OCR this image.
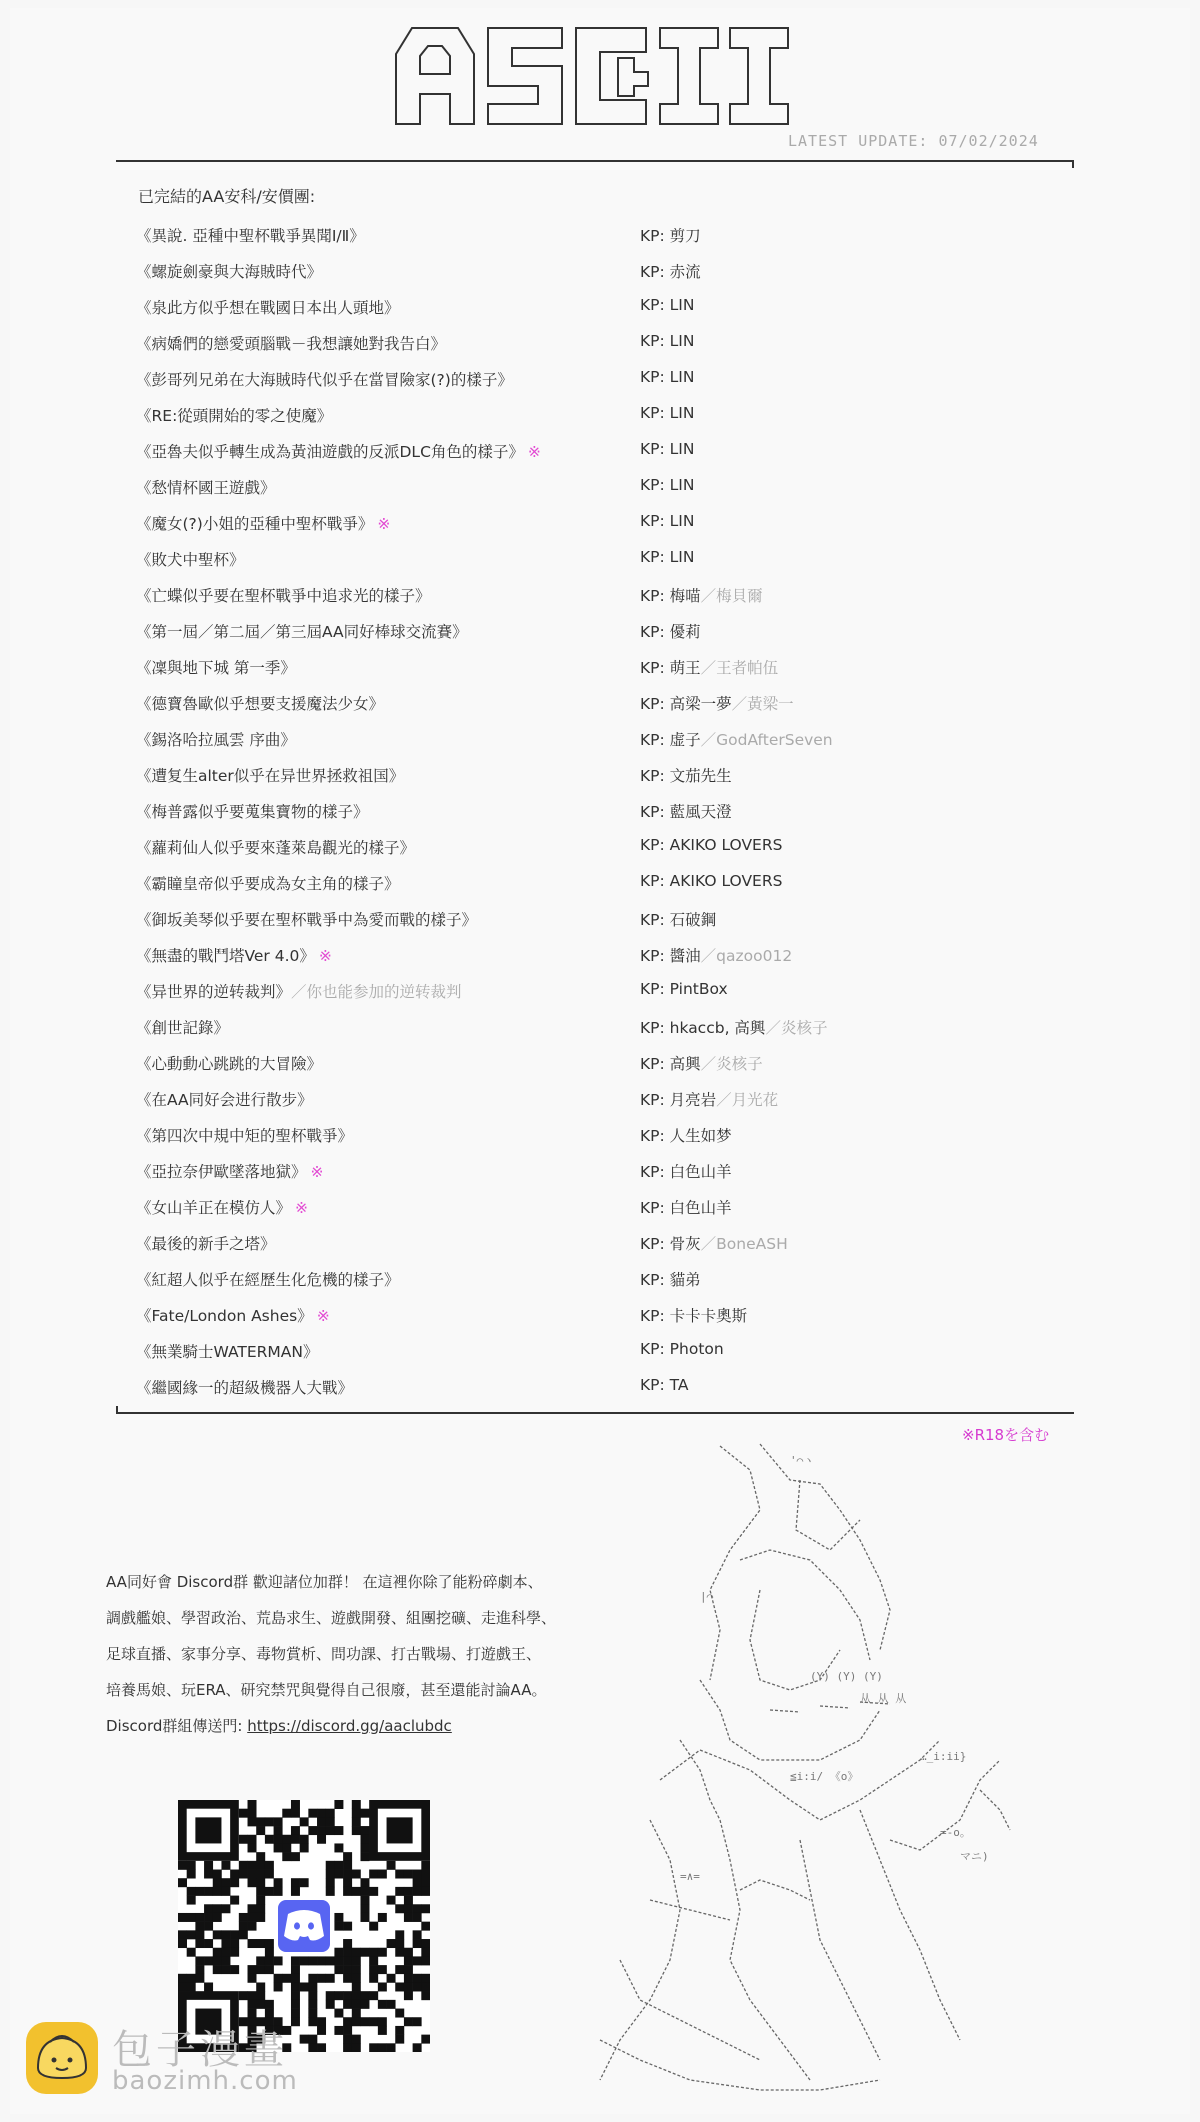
LATEST UPDATE: 07/02/2024
已完結的AA安科/安價團:
《異說. 亞種中聖杯戰爭異聞Ⅰ/Ⅱ》	KP: 剪刀
《螺旋劍豪與大海賊時代》	KP: 赤流
《泉此方似乎想在戰國日本出人頭地》	KP: LIN
《病嬌們的戀愛頭腦戰－我想讓她對我告白》	KP: LIN
《彭哥列兄弟在大海賊時代似乎在當冒險家(?)的樣子》	KP: LIN
《RE:從頭開始的零之使魔》	KP: LIN
《亞魯夫似乎轉生成為黃油遊戲的反派DLC角色的樣子》 ※	KP: LIN
《愁情杯國王遊戲》	KP: LIN
《魔女(?)小姐的亞種中聖杯戰爭》 ※	KP: LIN
《敗犬中聖杯》	KP: LIN
《亡蝶似乎要在聖杯戰爭中追求光的樣子》	KP: 梅喵／梅貝爾
《第一屆／第二屆／第三屆AA同好棒球交流賽》	KP: 優莉
《凜與地下城 第一季》	KP: 萌王／王者帕伍
《德寶魯歐似乎想要支援魔法少女》	KP: 高梁一夢／黃梁一
《錫洛哈拉風雲 序曲》	KP: 虚子／GodAfterSeven
《遭复生alter似乎在异世界拯救祖国》	KP: 文茄先生
《梅普露似乎要蒐集寶物的樣子》	KP: 藍風天澄
《蘿莉仙人似乎要來蓬萊島觀光的樣子》	KP: AKIKO LOVERS
《霸瞳皇帝似乎要成為女主角的樣子》	KP: AKIKO LOVERS
《御坂美琴似乎要在聖杯戰爭中為愛而戰的樣子》	KP: 石破鋼
《無盡的戰鬥塔Ver 4.0》 ※	KP: 醬油／qazoo012
《异世界的逆转裁判》／你也能参加的逆转裁判	KP: PintBox
《創世記錄》	KP: hkaccb, 高興／炎核子
《心動動心跳跳的大冒險》	KP: 高興／炎核子
《在AA同好会进行散步》	KP: 月亮岩／月光花
《第四次中規中矩的聖杯戰爭》	KP: 人生如梦
《亞拉奈伊歐墜落地獄》 ※	KP: 白色山羊
《女山羊正在模仿人》 ※	KP: 白色山羊
《最後的新手之塔》	KP: 骨灰／BoneASH
《紅超人似乎在經歷生化危機的樣子》	KP: 貓弟
《Fate/London Ashes》 ※	KP: 卡卡卡奧斯
《無業騎士WATERMAN》	KP: Photon
《繼國緣一的超級機器人大戰》	KP: TA
※R18を含む
AA同好會 Discord群 歡迎諸位加群！ 在這裡你除了能粉碎劇本、
調戲艦娘、學習政治、荒島求生、遊戲開發、組團挖礦、走進科學、
足球直播、家事分享、毒物賞析、問功課、打古戰場、打遊戲王、
培養馬娘、玩ERA、研究禁咒與覺得自己很廢，甚至還能討論AA。
Discord群組傳送門: https://discord.gg/aaclubdc
'⌒ヽ
|⌒
(Y) (Y) (Y)
从 从 从
…_i:ii}
=-o。
マニ)
=∧=
≦i:i/ 《o》
包子漫畫
baozimh.com
